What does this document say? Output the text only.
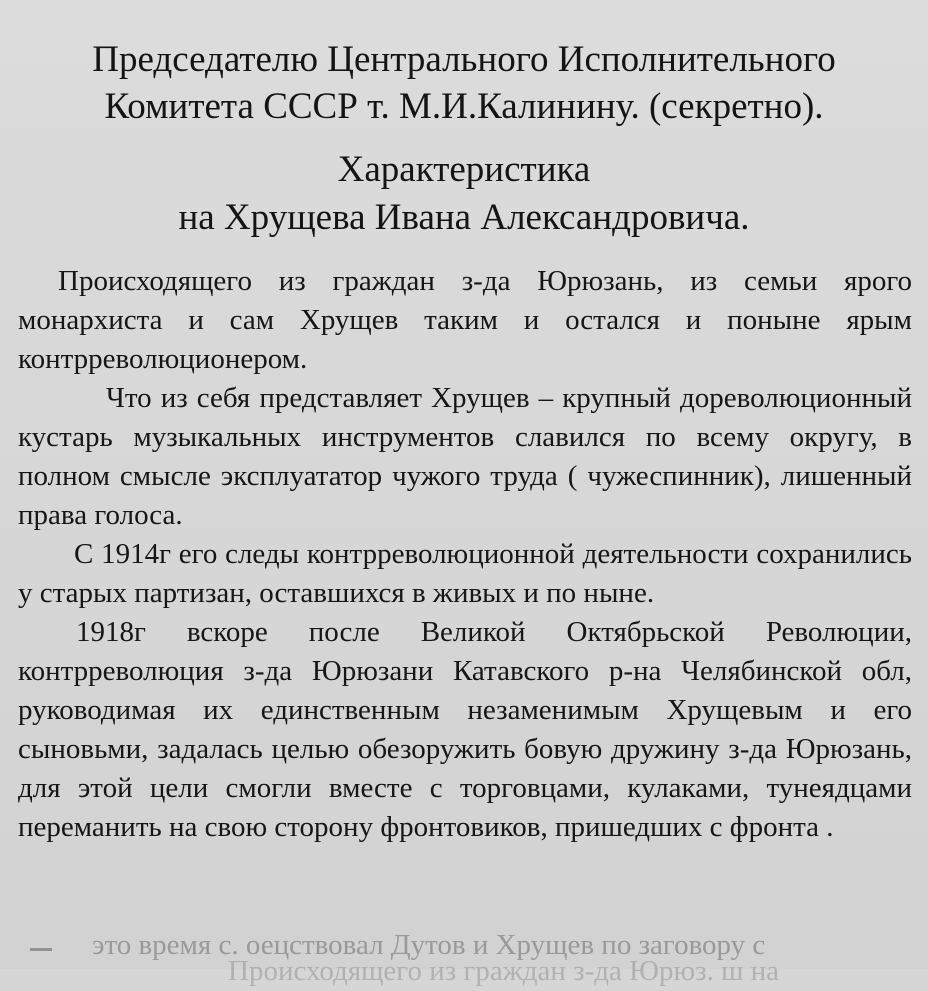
Председателю Центрального Исполнительного
Комитета СССР т. М.И.Калинину. (секретно).
Характеристика
на Хрущева Ивана Александровича.

Происходящего из граждан з-да Юрюзань, из семьи ярого монархиста и сам Хрущев таким и остался и поныне ярым контрреволюционером.

Что из себя представляет Хрущев – крупный дореволюционный кустарь музыкальных инструментов славился по всему округу, в полном смысле эксплуататор чужого труда ( чужеспинник), лишенный права голоса.

С 1914г его следы контрреволюционной деятельности сохранились у старых партизан, оставшихся в живых и по ныне.

1918г вскоре после Великой Октябрьской Революции, контрреволюция з-да Юрюзани Катавского р-на Челябинской обл, руководимая их единственным незаменимым Хрущевым и его сыновьми, задалась целью обезоружить бовую дружину з-да Юрюзань, для этой цели смогли вместе с торговцами, кулаками, тунеядцами переманить на свою сторону фронтовиков, пришедших с фронта .

это время с. оецствовал Дутов и Хрущев по заговору с
Происходящего из граждан з-да Юрюз. ш на
